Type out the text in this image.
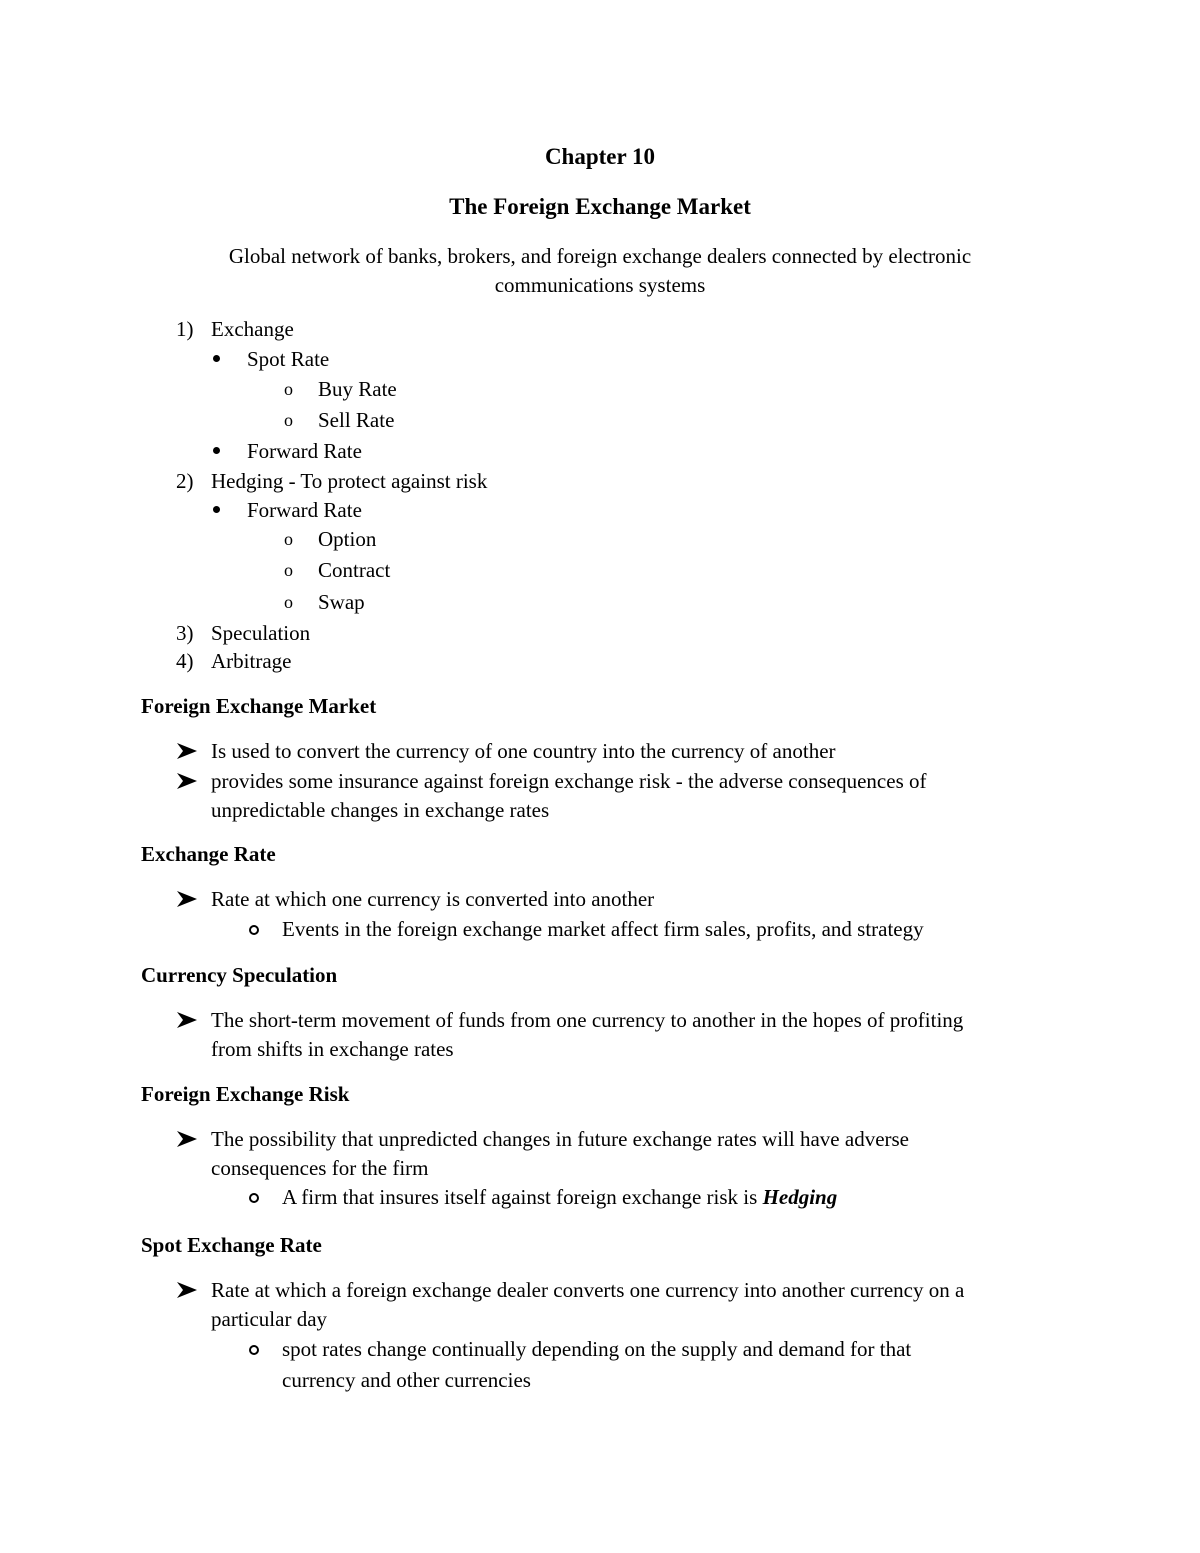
Chapter 10
The Foreign Exchange Market
Global network of banks, brokers, and foreign exchange dealers connected by electronic
communications systems
1) Exchange
Spot Rate
o Buy Rate
o Sell Rate
Forward Rate
2) Hedging - To protect against risk
Forward Rate
o Option
o Contract
o Swap
3) Speculation
4) Arbitrage
Foreign Exchange Market
Is used to convert the currency of one country into the currency of another
provides some insurance against foreign exchange risk - the adverse consequences of
unpredictable changes in exchange rates
Exchange Rate
Rate at which one currency is converted into another
Events in the foreign exchange market affect firm sales, profits, and strategy
Currency Speculation
The short-term movement of funds from one currency to another in the hopes of profiting
from shifts in exchange rates
Foreign Exchange Risk
The possibility that unpredicted changes in future exchange rates will have adverse
consequences for the firm
A firm that insures itself against foreign exchange risk is Hedging
Spot Exchange Rate
Rate at which a foreign exchange dealer converts one currency into another currency on a
particular day
spot rates change continually depending on the supply and demand for that
currency and other currencies
